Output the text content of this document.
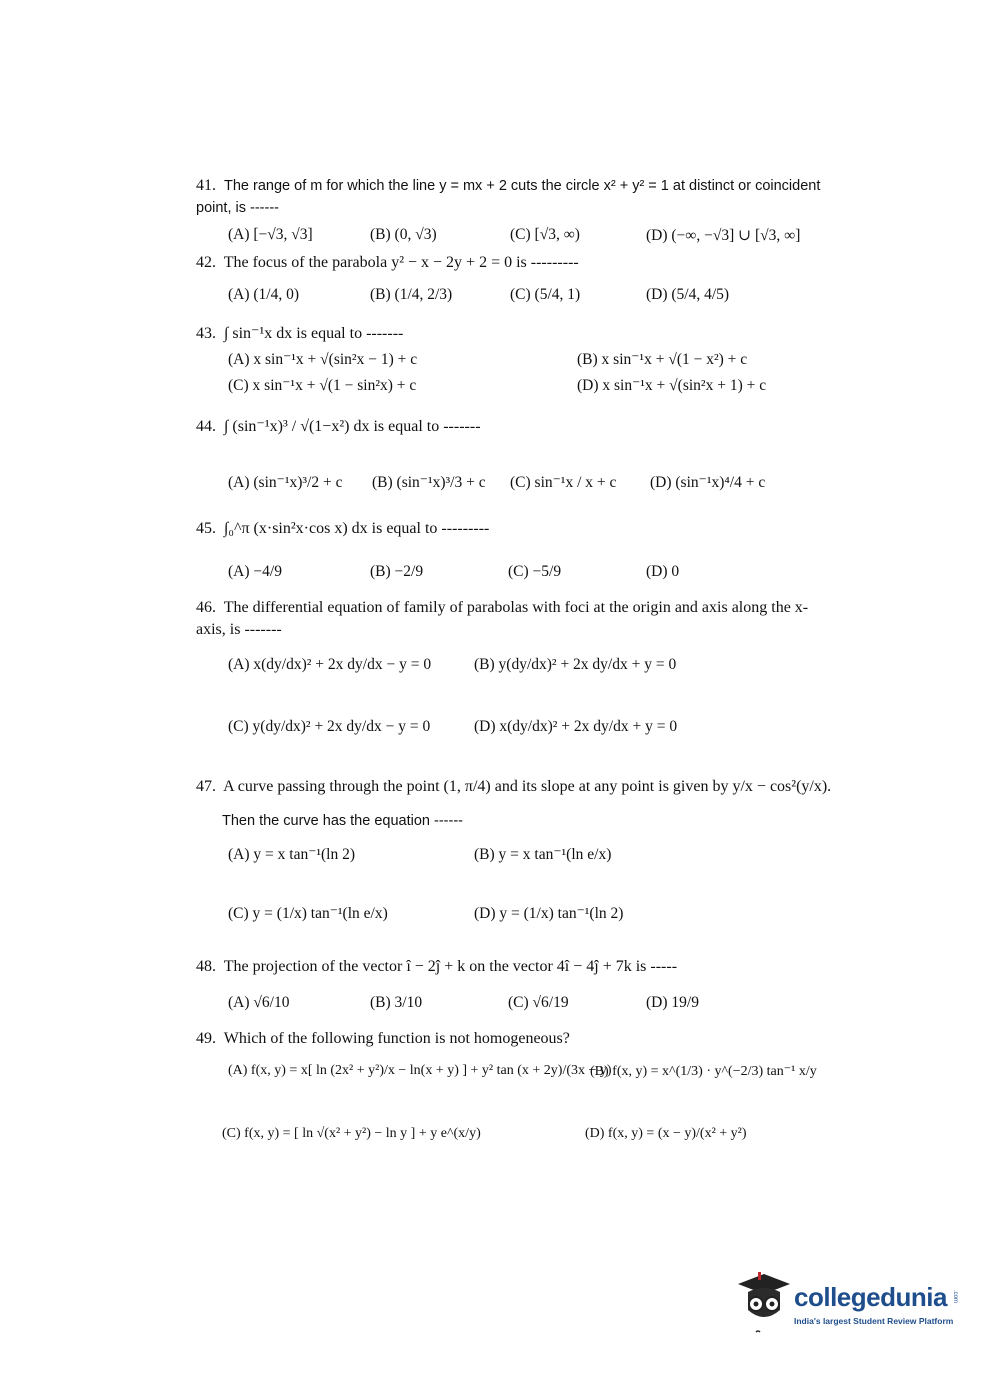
41. The range of m for which the line y = mx + 2 cuts the circle x² + y² = 1 at distinct or coincident point, is ------
(A) [−√3, √3]	(B) (0, √3)	(C) [√3, ∞)	(D) (−∞, −√3] ∪ [√3, ∞]
42. The focus of the parabola y² − x − 2y + 2 = 0 is ---------
(A) (1/4, 0)	(B) (1/4, 2/3)	(C) (5/4, 1)	(D) (5/4, 4/5)
43. ∫ sin⁻¹x dx is equal to -------
(A) x sin⁻¹x + √(sin²x − 1) + c	(B) x sin⁻¹x + √(1 − x²) + c
(C) x sin⁻¹x + √(1 − sin²x) + c	(D) x sin⁻¹x + √(sin²x + 1) + c
44. ∫ (sin⁻¹x)³ / √(1−x²) dx is equal to -------
(A) (sin⁻¹x)³/2 + c (B) (sin⁻¹x)³/3 + c (C) sin⁻¹x / x + c (D) (sin⁻¹x)⁴/4 + c
45. ∫₀^π (x·sin²x·cos x) dx is equal to ---------
(A) −4/9	(B) −2/9	(C) −5/9	(D) 0
46. The differential equation of family of parabolas with foci at the origin and axis along the x-axis, is -------
(A) x(dy/dx)² + 2x dy/dx − y = 0	(B) y(dy/dx)² + 2x dy/dx + y = 0
(C) y(dy/dx)² + 2x dy/dx − y = 0	(D) x(dy/dx)² + 2x dy/dx + y = 0
47. A curve passing through the point (1, π/4) and its slope at any point is given by y/x − cos²(y/x).
Then the curve has the equation ------
(A) y = x tan⁻¹(ln 2)	(B) y = x tan⁻¹(ln e/x)
(C) y = (1/x) tan⁻¹(ln e/x)	(D) y = (1/x) tan⁻¹(ln 2)
48. The projection of the vector î − 2ĵ + k on the vector 4î − 4ĵ + 7k is -----
(A) √6/10	(B) 3/10	(C) √6/19	(D) 19/9
49. Which of the following function is not homogeneous?
(A) f(x, y) = x[ ln (2x² + y²)/x − ln(x + y) ] + y² tan (x + 2y)/(3x − y)
(B) f(x, y) = x^(1/3) · y^(−2/3) tan⁻¹ x/y
(C) f(x, y) = [ ln √(x² + y²) − ln y ] + y e^(x/y)	(D) f(x, y) = (x − y)/(x² + y²)
collegedunia .com
India's largest Student Review Platform
